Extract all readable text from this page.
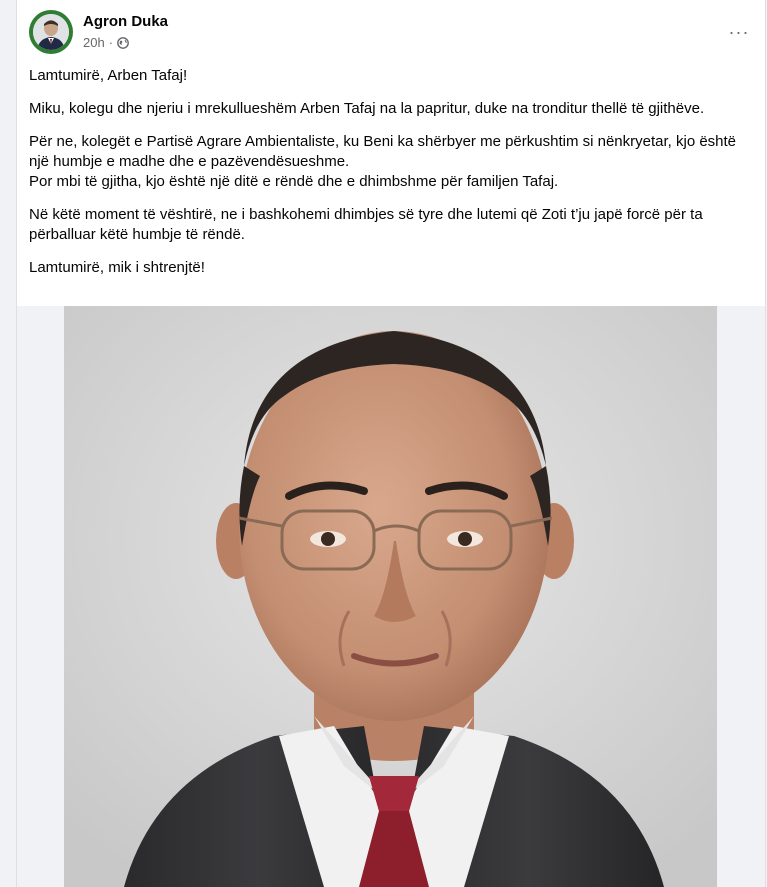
Agron Duka
20h ·
···

Lamtumirë, Arben Tafaj!

Miku, kolegu dhe njeriu i mrekullueshëm Arben Tafaj na la papritur, duke na tronditur thellë të gjithëve.

Për ne, kolegët e Partisë Agrare Ambientaliste, ku Beni ka shërbyer me përkushtim si nënkryetar, kjo është një humbje e madhe dhe e pazëvendësueshme.

Por mbi të gjitha, kjo është një ditë e rëndë dhe e dhimbshme për familjen Tafaj.

Në këtë moment të vështirë, ne i bashkohemi dhimbjes së tyre dhe lutemi që Zoti t’ju japë forcë për ta përballuar këtë humbje të rëndë.

Lamtumirë, mik i shtrenjtë!
